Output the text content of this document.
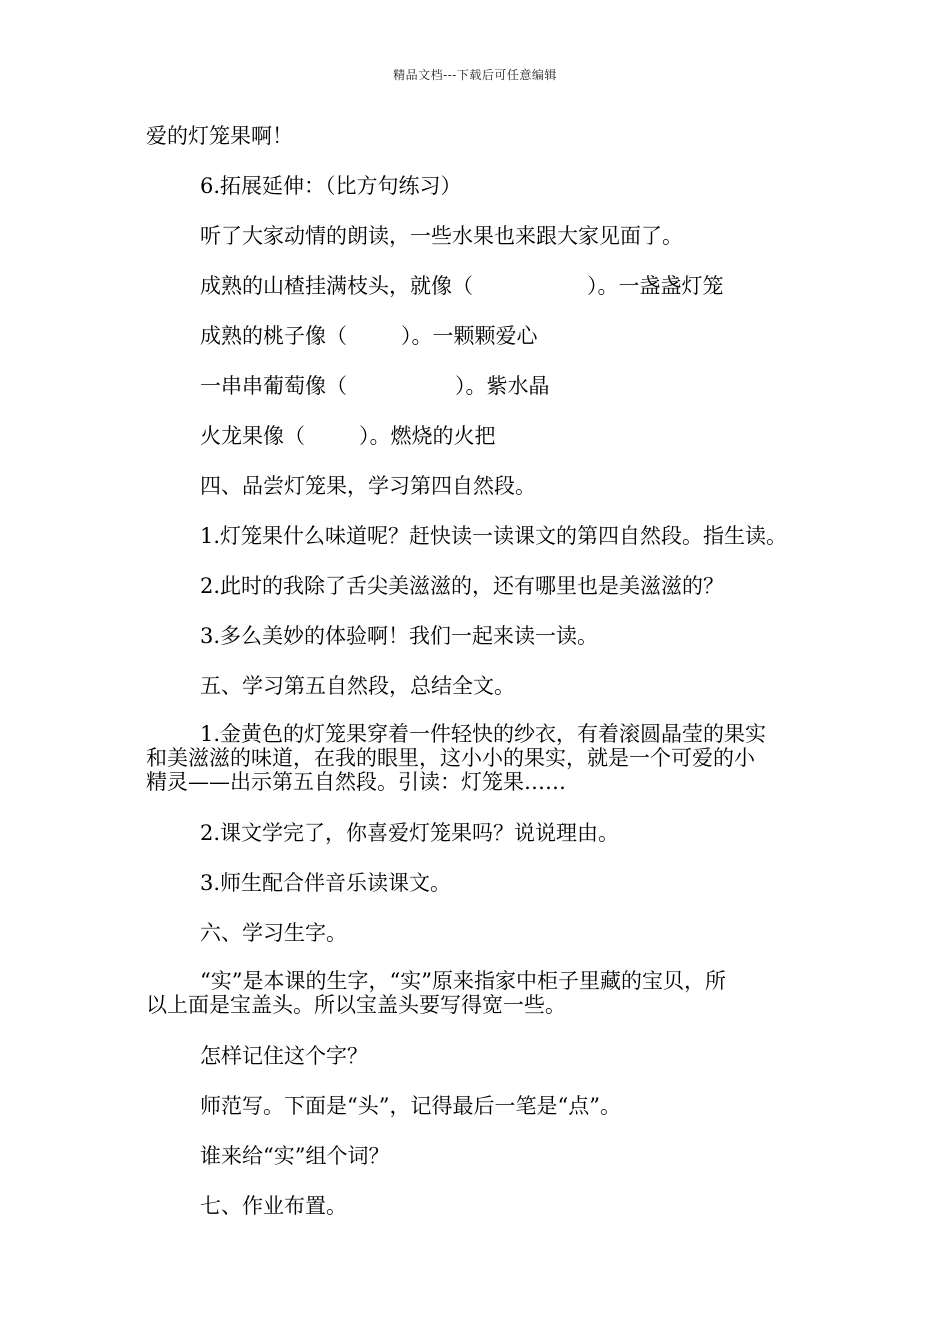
精品文档---下载后可任意编辑
爱的灯笼果啊！
6.拓展延伸：（比方句练习）
听了大家动情的朗读，一些水果也来跟大家见面了。
成熟的山楂挂满枝头，就像（	）。一盏盏灯笼
成熟的桃子像（	）。一颗颗爱心
一串串葡萄像（	）。紫水晶
火龙果像（	）。燃烧的火把
四、品尝灯笼果，学习第四自然段。
1.灯笼果什么味道呢？赶快读一读课文的第四自然段。指生读。
2.此时的我除了舌尖美滋滋的，还有哪里也是美滋滋的？
3.多么美妙的体验啊！我们一起来读一读。
五、学习第五自然段，总结全文。
1.金黄色的灯笼果穿着一件轻快的纱衣，有着滚圆晶莹的果实
和美滋滋的味道，在我的眼里，这小小的果实，就是一个可爱的小
精灵——出示第五自然段。引读：灯笼果……
2.课文学完了，你喜爱灯笼果吗？说说理由。
3.师生配合伴音乐读课文。
六、学习生字。
“实”是本课的生字，“实”原来指家中柜子里藏的宝贝，所
以上面是宝盖头。所以宝盖头要写得宽一些。
怎样记住这个字？
师范写。下面是“头”，记得最后一笔是“点”。
谁来给“实”组个词？
七、作业布置。
